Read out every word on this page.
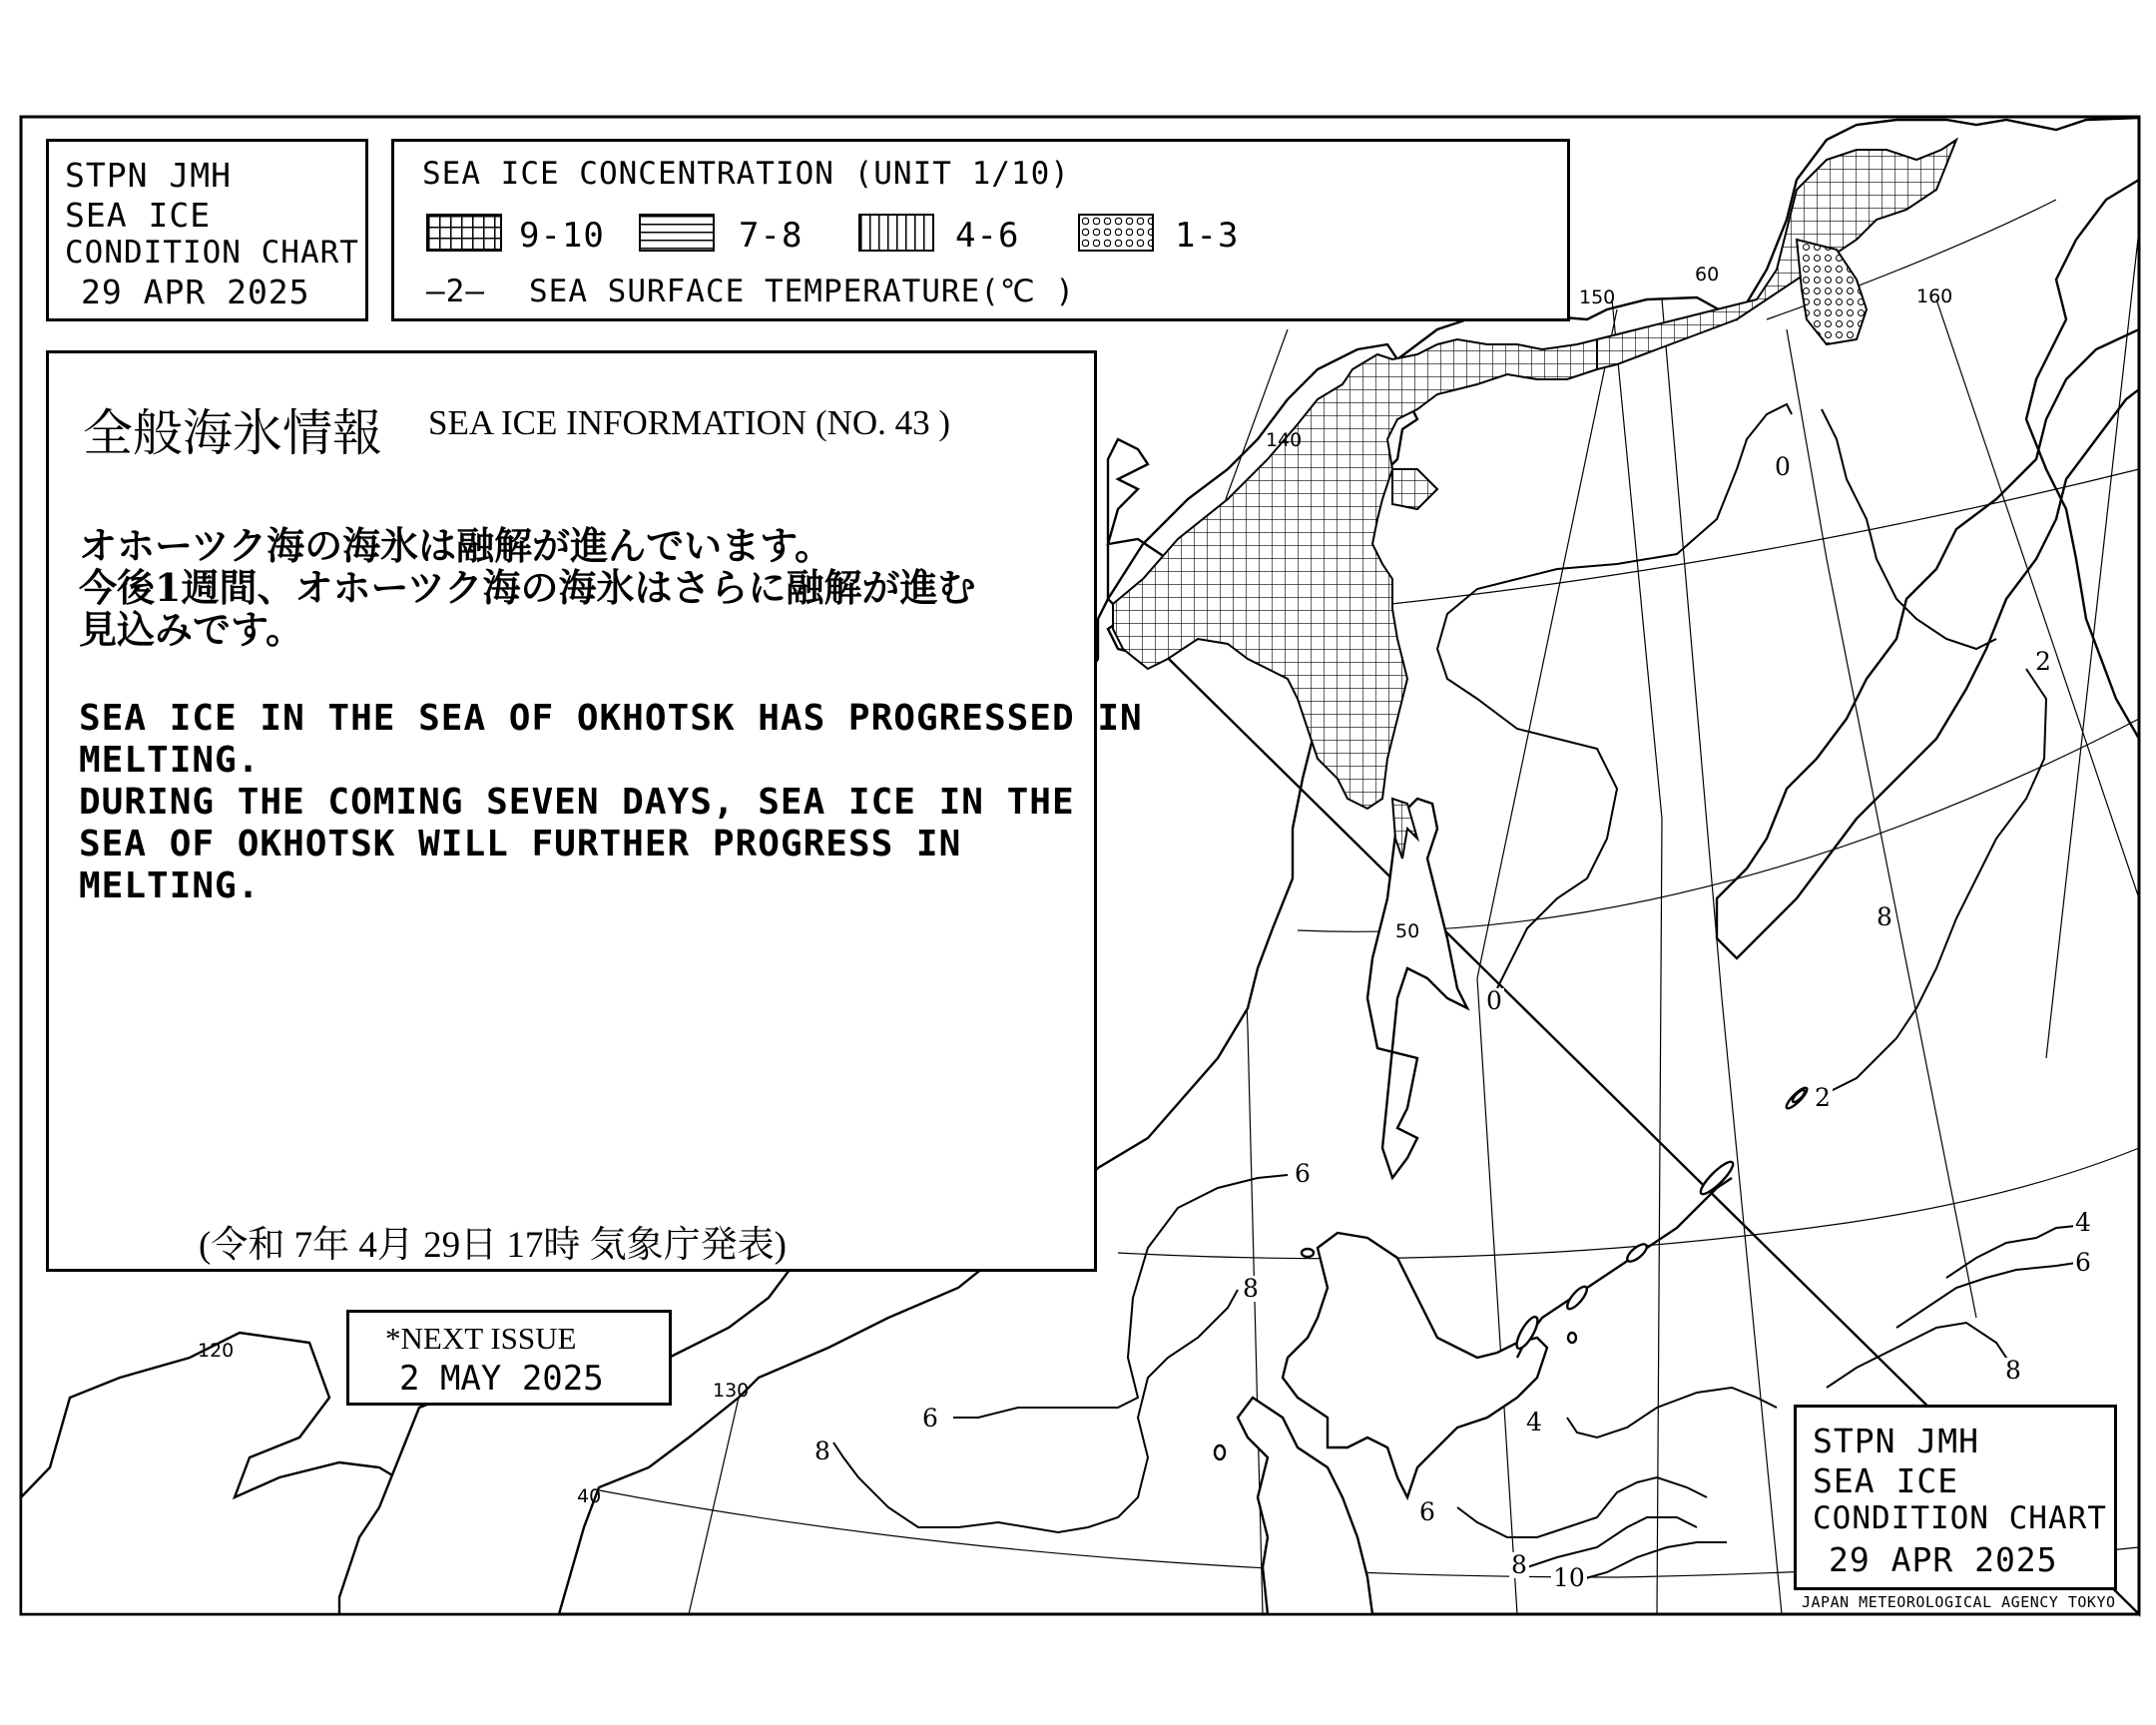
120
130
140
150	160
40
50
60
0
0
2
2
6
8
6
8
4
6
8 10
4
6
8
8
STPN JMH
SEA ICE
CONDITION CHART
29 APR 2025
SEA ICE CONCENTRATION (UNIT 1/10)
9-10	7-8	4-6	1-3
—2— SEA SURFACE TEMPERATURE(℃ )
全般海氷情報 SEA ICE INFORMATION (NO. 43 )
オホーツク海の海氷は融解が進んでいます。
今後1週間、オホーツク海の海氷はさらに融解が進む
見込みです。
SEA ICE IN THE SEA OF OKHOTSK HAS PROGRESSED IN
MELTING.
DURING THE COMING SEVEN DAYS, SEA ICE IN THE
SEA OF OKHOTSK WILL FURTHER PROGRESS IN
MELTING.
(令和 7年 4月 29日 17時 気象庁発表)
*NEXT ISSUE
2 MAY 2025
STPN JMH
SEA ICE
CONDITION CHART
29 APR 2025
JAPAN METEOROLOGICAL AGENCY TOKYO
